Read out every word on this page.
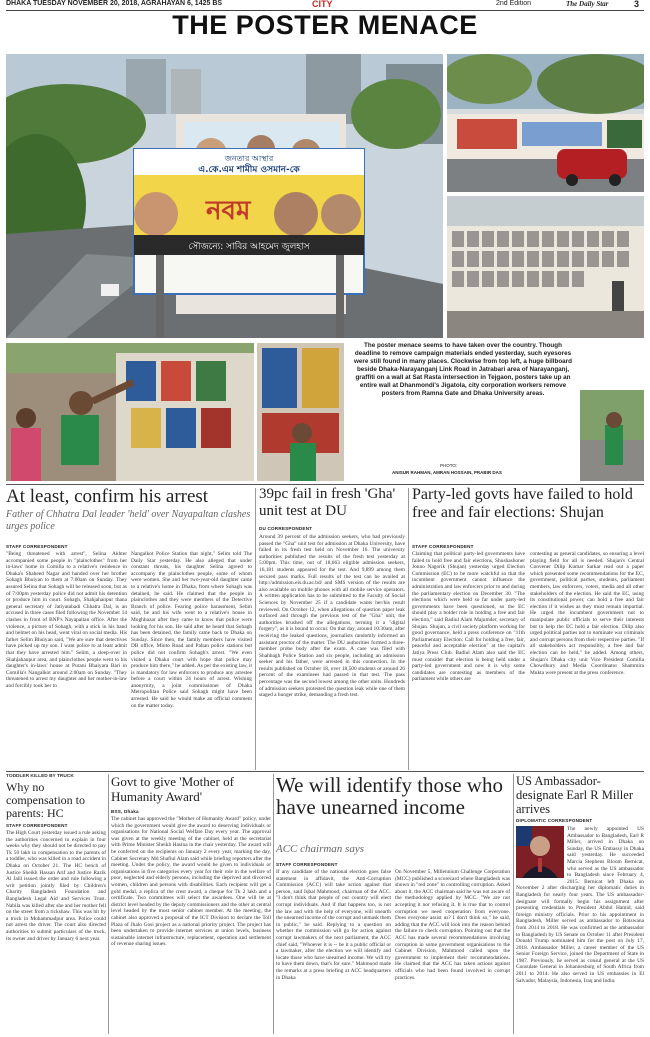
DHAKA TUESDAY NOVEMBER 20, 2018, AGRAHAYAN 6, 1425 BS	CITY	2nd Edition	The Daily Star	3
THE POSTER MENACE
জনতার আস্থার
এ.কে.এম শামীম ওসমান-কে
নবম
সৌজন্যে: সাবির আহমেদ জুলহাস
The poster menace seems to have taken over the country. Though deadline to remove campaign materials ended yesterday, such eyesores were still found in many places. Clockwise from top left, a huge billboard beside Dhaka-Narayanganj Link Road in Jatrabari area of Narayanganj, graffiti on a wall at Sat Rasta intersection in Tejgaon, posters take up an entire wall at Dhanmondi's Jigatola, city corporation workers remove posters from Ramna Gate and Dhaka University areas.
PHOTO:
ANISUR RAHMAN, AMRAN HOSSAIN, PRABIR DAS
At least, confirm his arrest
Father of Chhatra Dal leader 'held' over Nayapaltan clashes urges police
STAFF CORRESPONDENT
"Being threatened with arrest", Selina Akhter accompanied some people in "plainclothes" from her in-laws' home in Comilla to a relative's residence in Dhaka's Shaheed Nagar and handed over her brother Sohagh Bhuiyan to them at 7:00am on Sunday. They assured Selina that Sohagh will be released soon, but as of 7:00pm yesterday police did not admit his detention or produce him in court. Sohagh, Shahjahanpur thana general secretary of Jatiyatabadi Chhatra Dal, is an accused in three cases filed following the November 14 clashes in front of BNP's Nayapaltan office. After the violence, a picture of Sohagh, with a stick in his hand and helmet on his head, went viral on social media. His father Selim Bhuiyan said, "We are sure that detectives have picked up my son. I want police to at least admit that they have arrested him." Selim, a sleep-over in Shahjahanpur area, and plainclothes people went to his daughter's in-laws' house at Purani Bhaiyara Bari in Comilla's Nangalkot around 2:00am on Sunday. "They threatened to arrest my daughter and her mother-in-law and forcibly took her to
Nangalkot Police Station that night," Selim told The Daily Star yesterday. He also alleged that under constant threats, his daughter Selina agreed to accompany the plainclothes people, some of whom were women. She and her two-year-old daughter came to a relative's home in Dhaka, from where Sohagh was detained, he said. He claimed that the people in plainclothes and they were members of the Detective Branch of police. Fearing police harassment, Selim said, he and his wife went to a relative's house in Moghbazar after they came to know that police were looking for his son. He said after he heard that Sohagh has been detained, the family came back to Dhaka on Sunday. Since then, the family members have visited DB office, Minto Road and Paltan police stations but police did not confirm Sohagh's arrest. "We even visited a Dhaka court with hope that police may produce him there," he added. As per the existing law, it is mandatory for law enforcers to produce any arrestee before a court within 24 hours of arrest. Wishing anonymity, a joint commissioner of Dhaka Metropolitan Police said Sohagh might have been arrested. He said he would make an official comment on the matter today.
39pc fail in fresh 'Gha' unit test at DU
DU CORRESPONDENT
Around 39 percent of the admission seekers, who had previously passed the "Gha" unit test for admission at Dhaka University, have failed in its fresh test held on November 16. The university authorities published the results of the fresh test yesterday at 5:00pm. This time, out of 18,663 eligible admission seekers, 16,181 students appeared for the test. And 9,899 among them secured pass marks. Full results of the test can be availed at http://admission.eis.du.ac.bd/ and SMS version of the results are also available on mobile phones with all mobile service operators. A written application has to be submitted to the Faculty of Social Sciences by November 25 if a candidate wants her/his result reviewed. On October 12, when allegations of question paper leak surfaced and through the previous test of the "Gha" unit, the authorities brushed off the allegations, terming it a "digital forgery", as it is bound to occur. On that day, around 10:30am, after receiving the leaked questions, journalists randomly informed an assistant proctor of the matter. The DU authorities formed a three-member probe body after the exam. A case was filed with Shahbagh Police Station and six people, including an admission seeker and his father, were arrested in this connection. In the results published on October 18, over 18,500 students or around 26 percent of the examinees had passed in that test. The pass percentage was the second lowest among the other units. Hundreds of admission seekers protested the question leak while one of them staged a hunger strike, demanding a fresh test.
Party-led govts have failed to hold free and fair elections: Shujan
STAFF CORRESPONDENT
Claiming that political party-led governments have failed to hold free and fair elections, Shushashoner Jonno Nagorik (Shujan) yesterday urged Election Commission (EC) to be more watchful so that the incumbent government cannot influence the administration and law enforcers prior to and during the parliamentary election on December 30. "The elections which were held so far under party-led governments have been questioned, so the EC should play a bolder role in holding a free and fair election," said Badiul Alam Majumder, secretary of Shujan. Shujan, a civil society platform working for good governance, held a press conference on "11th Parliamentary Election: Call for holding a free, fair, peaceful and acceptable election" at the capital's Jatiya Press Club. Badiul Alam also said the EC must consider that election is being held under a party-led government and now it is why some candidates are contesting as members of the parliament while others are
contesting as general candidates, so ensuring a level playing field for all is needed. Shujan's Central Convener Dilip Kumar Sarkar read out a paper which presented some recommendations for the EC, government, political parties, students, parliament members, law enforcers, voters, media and all other stakeholders of the election. He said the EC, using its constitutional power, can hold a free and fair election if it wishes as they must remain impartial. He urged the incumbent government not to manipulate public officials to serve their interests but to help the EC hold a fair election. Dilip also urged political parties not to nominate war criminals and corrupt persons from their respective parties. "If all stakeholders act responsibly, a free and fair election can be held," he added. Among others, Shujan's Dhaka city unit Vice President Comilla Chowdhury and Media Coordinator Shammira Mukta were present at the press conference.
TODDLER KILLED BY TRUCK
Why no compensation to parents: HC
STAFF CORRESPONDENT
The High Court yesterday issued a rule asking the authorities concerned to explain in four weeks why they should not be directed to pay Tk 50 lakh in compensation to the parents of a toddler, who was killed in a road accident in Dhaka on October 21. The HC bench of Justice Sheikh Hassan Arif and Justice Razik Al Jalil issued the order and rule following a writ petition jointly filed by Children's Charity Bangladesh Foundation and Bangladesh Legal Aid and Services Trust. Nabila was killed after she and her mother fell on the street from a rickshaw. This was hit by a truck in Mohammadpur area. Police could not arrest the driver. The court also directed authorities to submit particulars of the truck, its owner and driver by January 6 next year.
Govt to give 'Mother of Humanity Award'
BSS, Dhaka
The cabinet has approved the "Mother of Humanity Award" policy, under which the government would give the award to deserving individuals or organisations for National Social Welfare Day every year. The approval was given at the weekly meeting of the cabinet, held at the secretariat with Prime Minister Sheikh Hasina in the chair yesterday. The award will be conferred on the recipients on January 2 every year, marking the day, Cabinet Secretary Md Shafiul Alam said while briefing reporters after the meeting. Under the policy, the award would be given to individuals or organisations in five categories every year for their role in the welfare of poor, neglected and elderly persons, including the deprived and divorced women, children and persons with disabilities. Each recipient will get a gold medal, a replica of the crest award, a cheque for Tk 2 lakh and a certificate. Two committees will select the awardees. One will be at district level headed by the deputy commissioners and the other at central level headed by the most senior cabinet member. At the meeting, the cabinet also approved a proposal of the ICT Division to declare the Toll Plaza of Jhalo Gosi project as a national priority project. The project has been undertaken to provide internet services at union levels, business sustainable internet infrastructure, replacement, operation and settlement of revenue sharing issues.
We will identify those who have unearned income
ACC chairman says
STAFF CORRESPONDENT
If any candidate of the national election goes false statement in affidavit, the Anti-Corruption Commission (ACC) will take action against that person, said Iqbal Mahmood, chairman of the ACC. "I don't think that people of our country will elect corrupt individuals. And if that happens too, is not the law and with the help of everyone, will unearth the unearned income of the corrupt and unmask them in public," he said. Replying to a question on whether the commission will go for action against corrupt lawmakers of the next parliament, the ACC chief said, "Whoever it is -- be it a public official or a lawmaker, after the election we will identify and locate those who have unearned income. We will try to have them down, that's for sure." Mahmood made the remarks at a press briefing at ACC headquarters in Dhaka
On November 5, Millennium Challenge Corporation (MCC) published a scorecard where Bangladesh was shown in "red zone" in controlling corruption. Asked about it, the ACC chairman said he was not aware of the methodology applied by MCC. "We are not accepting it nor refusing it. It is true that to control corruption we need cooperation from everyone. Does everyone assist us? I don't think so," he said, adding that the ACC will look into the reason behind the failure to check corruption. Pointing out that the ACC has made several recommendations involving corruption in some government organisations to the Cabinet Division, Mahmood called upon the government to implement their recommendations. He claimed that the ACC has taken actions against officials who had been found involved in corrupt practices.
US Ambassador-designate Earl R Miller arrives
DIPLOMATIC CORRESPONDENT
The newly appointed US Ambassador to Bangladesh, Earl R Miller, arrived in Dhaka on Sunday, the US Embassy in Dhaka said yesterday. He succeeded Marcia Stephens Bloom Bernicat, who served as the US ambassador to Bangladesh since February 4, 2015. Bernicat left Dhaka on November 2 after discharging her diplomatic duties in Bangladesh for nearly four years. The US ambassador-designate will formally begin his assignment after presenting credentials to President Abdul Hamid, said foreign ministry officials. Prior to his appointment in Bangladesh, Miller served as ambassador to Botswana from 2014 to 2018. He was confirmed as the ambassador to Bangladesh by US Senate on October 11 after President Donald Trump nominated him for the post on July 17, 2018. Ambassador Miller, a career member of the US Senior Foreign Service, joined the Department of State in 1987. Previously, he served as consul general at the US Consulate General in Johannesburg of South Africa from 2011 to 2014. He also served in US embassies in El Salvador, Malaysia, Indonesia, Iraq and India.
